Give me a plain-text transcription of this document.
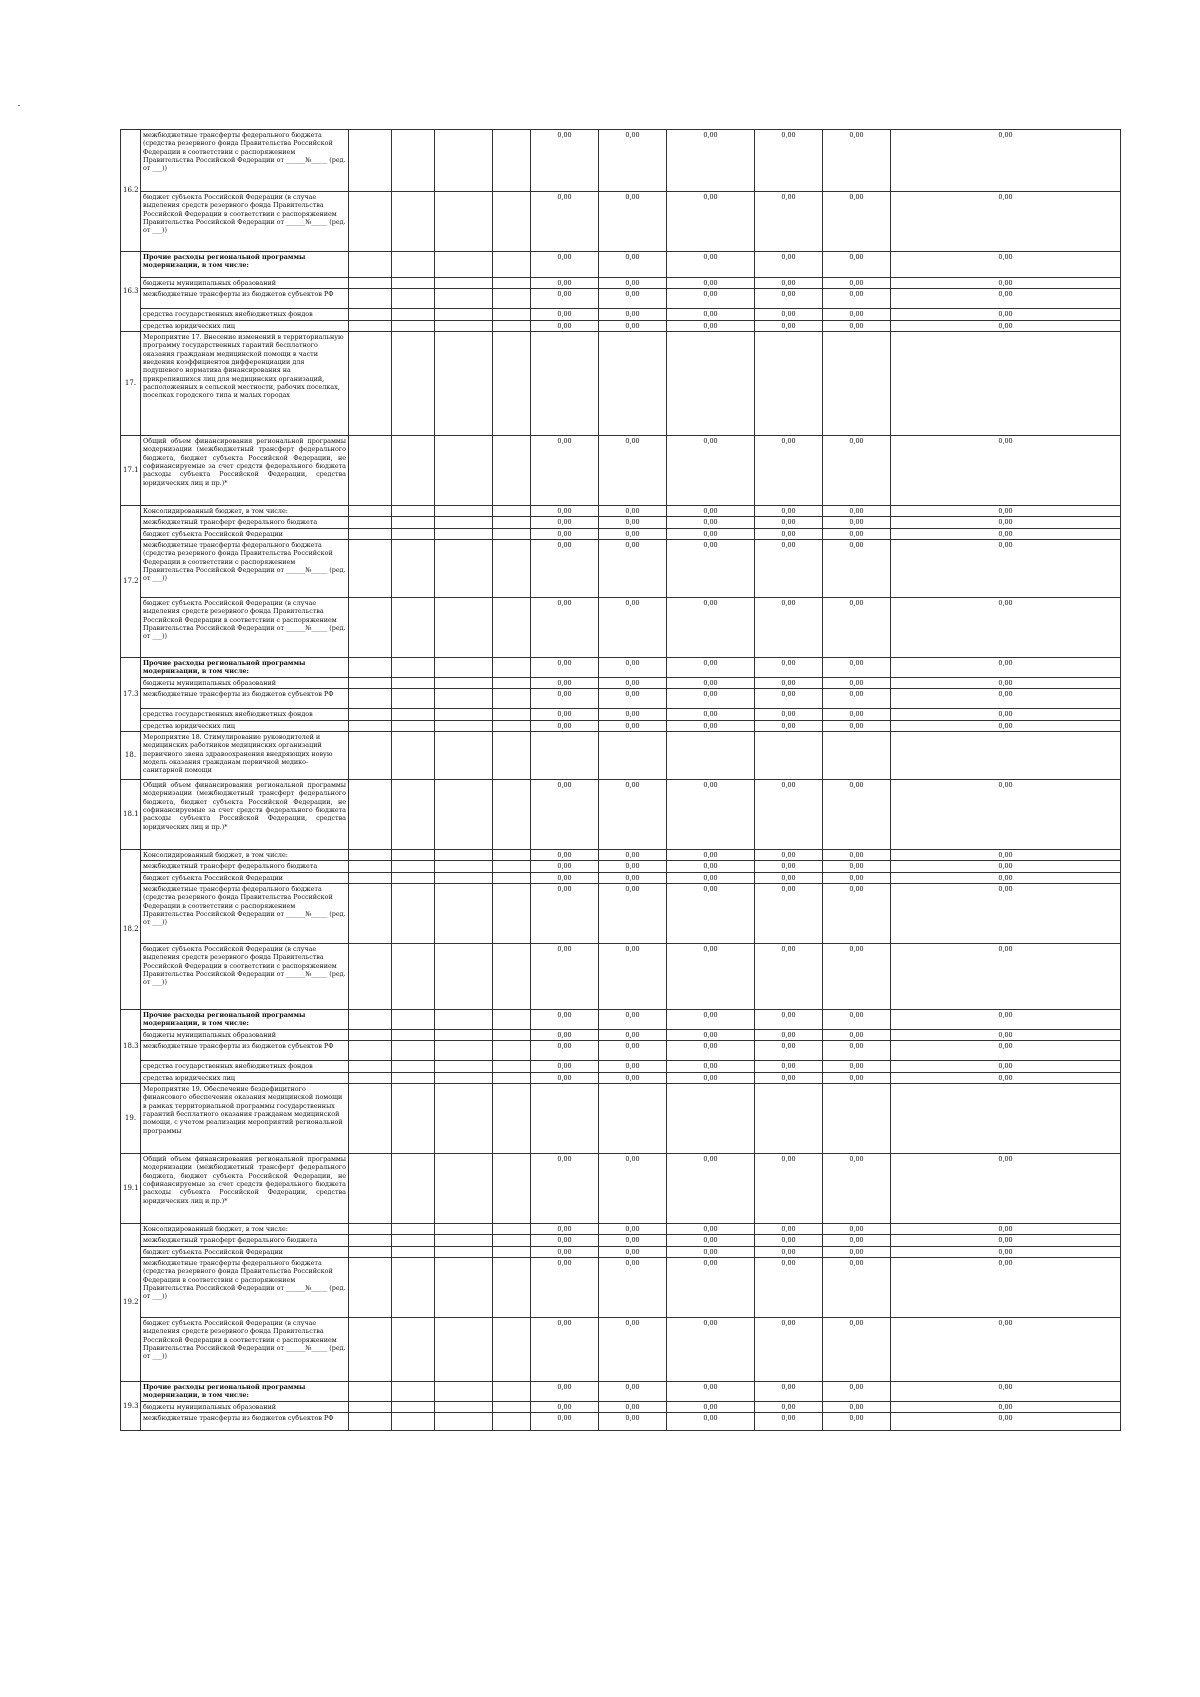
16.2	межбюджетные трансферты федерального бюджета (средства резервного фонда Правительства Российской Федерации в соответствии с распоряжением Правительства Российской Федерации от ______№_____ (ред. от ___))					0,00	0,00	0,00	0,00	0,00	0,00
	бюджет субъекта Российской Федерации (в случае выделения средств резервного фонда Правительства Российской Федерации в соответствии с распоряжением Правительства Российской Федерации от ______№_____ (ред. от ___))					0,00	0,00	0,00	0,00	0,00	0,00
16.3	Прочие расходы региональной программы модернизации, в том числе:					0,00	0,00	0,00	0,00	0,00	0,00
	бюджеты муниципальных образований					0,00	0,00	0,00	0,00	0,00	0,00
	межбюджетные трансферты из бюджетов субъектов РФ					0,00	0,00	0,00	0,00	0,00	0,00
	средства государственных внебюджетных фондов					0,00	0,00	0,00	0,00	0,00	0,00
	средства юридических лиц					0,00	0,00	0,00	0,00	0,00	0,00
17.	Мероприятие 17. Внесение изменений в территориальную программу государственных гарантий бесплатного оказания гражданам медицинской помощи в части введения коэффициентов дифференциации для подушевого норматива финансирования на прикрепившихся лиц для медицинских организаций, расположенных в сельской местности, рабочих поселках, поселках городского типа и малых городах										
17.1	Общий объем финансирования региональной программы модернизации (межбюджетный трансферт федерального бюджета, бюджет субъекта Российской Федерации, не софинансируемые за счет средств федерального бюджета расходы субъекта Российской Федерации, средства юридических лиц и пр.)*					0,00	0,00	0,00	0,00	0,00	0,00
17.2	Консолидированный бюджет, в том числе:					0,00	0,00	0,00	0,00	0,00	0,00
	межбюджетный трансферт федерального бюджета					0,00	0,00	0,00	0,00	0,00	0,00
	бюджет субъекта Российской Федерации					0,00	0,00	0,00	0,00	0,00	0,00
	межбюджетные трансферты федерального бюджета (средства резервного фонда Правительства Российской Федерации в соответствии с распоряжением Правительства Российской Федерации от ______№_____ (ред. от ___))					0,00	0,00	0,00	0,00	0,00	0,00
	бюджет субъекта Российской Федерации (в случае выделения средств резервного фонда Правительства Российской Федерации в соответствии с распоряжением Правительства Российской Федерации от ______№_____ (ред. от ___))					0,00	0,00	0,00	0,00	0,00	0,00
17.3	Прочие расходы региональной программы модернизации, в том числе:					0,00	0,00	0,00	0,00	0,00	0,00
	бюджеты муниципальных образований					0,00	0,00	0,00	0,00	0,00	0,00
	межбюджетные трансферты из бюджетов субъектов РФ					0,00	0,00	0,00	0,00	0,00	0,00
	средства государственных внебюджетных фондов					0,00	0,00	0,00	0,00	0,00	0,00
	средства юридических лиц					0,00	0,00	0,00	0,00	0,00	0,00
18.	Мероприятие 18. Стимулирование руководителей и медицинских работников медицинских организаций первичного звена здравоохранения внедряющих новую модель оказания гражданам первичной медико-санитарной помощи										
18.1	Общий объем финансирования региональной программы модернизации (межбюджетный трансферт федерального бюджета, бюджет субъекта Российской Федерации, не софинансируемые за счет средств федерального бюджета расходы субъекта Российской Федерации, средства юридических лиц и пр.)*					0,00	0,00	0,00	0,00	0,00	0,00
18.2	Консолидированный бюджет, в том числе:					0,00	0,00	0,00	0,00	0,00	0,00
	межбюджетный трансферт федерального бюджета					0,00	0,00	0,00	0,00	0,00	0,00
	бюджет субъекта Российской Федерации					0,00	0,00	0,00	0,00	0,00	0,00
	межбюджетные трансферты федерального бюджета (средства резервного фонда Правительства Российской Федерации в соответствии с распоряжением Правительства Российской Федерации от ______№_____ (ред. от ___))					0,00	0,00	0,00	0,00	0,00	0,00
	бюджет субъекта Российской Федерации (в случае выделения средств резервного фонда Правительства Российской Федерации в соответствии с распоряжением Правительства Российской Федерации от ______№_____ (ред. от ___))					0,00	0,00	0,00	0,00	0,00	0,00
18.3	Прочие расходы региональной программы модернизации, в том числе:					0,00	0,00	0,00	0,00	0,00	0,00
	бюджеты муниципальных образований					0,00	0,00	0,00	0,00	0,00	0,00
	межбюджетные трансферты из бюджетов субъектов РФ					0,00	0,00	0,00	0,00	0,00	0,00
	средства государственных внебюджетных фондов					0,00	0,00	0,00	0,00	0,00	0,00
	средства юридических лиц					0,00	0,00	0,00	0,00	0,00	0,00
19.	Мероприятие 19. Обеспечение бездефицитного финансового обеспечения оказания медицинской помощи в рамках территориальной программы государственных гарантий бесплатного оказания гражданам медицинской помощи, с учетом реализации мероприятий региональной программы										
19.1	Общий объем финансирования региональной программы модернизации (межбюджетный трансферт федерального бюджета, бюджет субъекта Российской Федерации, не софинансируемые за счет средств федерального бюджета расходы субъекта Российской Федерации, средства юридических лиц и пр.)*					0,00	0,00	0,00	0,00	0,00	0,00
19.2	Консолидированный бюджет, в том числе:					0,00	0,00	0,00	0,00	0,00	0,00
	межбюджетный трансферт федерального бюджета					0,00	0,00	0,00	0,00	0,00	0,00
	бюджет субъекта Российской Федерации					0,00	0,00	0,00	0,00	0,00	0,00
	межбюджетные трансферты федерального бюджета (средства резервного фонда Правительства Российской Федерации в соответствии с распоряжением Правительства Российской Федерации от ______№_____ (ред. от ___))					0,00	0,00	0,00	0,00	0,00	0,00
	бюджет субъекта Российской Федерации (в случае выделения средств резервного фонда Правительства Российской Федерации в соответствии с распоряжением Правительства Российской Федерации от ______№_____ (ред. от ___))					0,00	0,00	0,00	0,00	0,00	0,00
19.3	Прочие расходы региональной программы модернизации, в том числе:					0,00	0,00	0,00	0,00	0,00	0,00
	бюджеты муниципальных образований					0,00	0,00	0,00	0,00	0,00	0,00
	межбюджетные трансферты из бюджетов субъектов РФ					0,00	0,00	0,00	0,00	0,00	0,00
